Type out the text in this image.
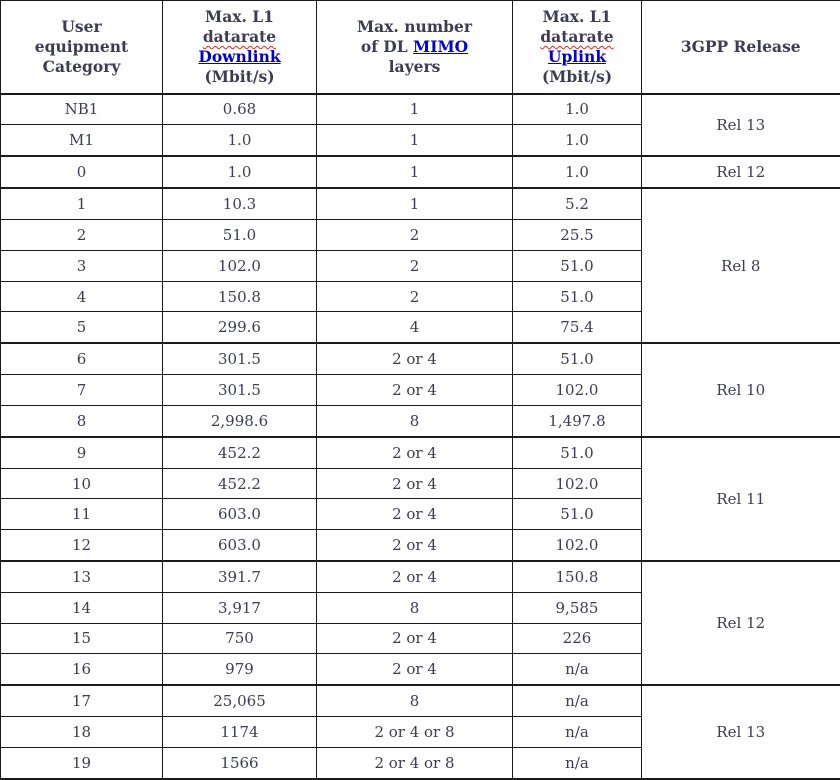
User
equipment
Category	Max. L1
datarate
Downlink
(Mbit/s)	Max. number
of DL MIMO
layers	Max. L1
datarate
Uplink
(Mbit/s)	3GPP Release
NB1	0.68	1	1.0	Rel 13
M1	1.0	1	1.0	
0	1.0	1	1.0	Rel 12
1	10.3	1	5.2	Rel 8
2	51.0	2	25.5	
3	102.0	2	51.0	
4	150.8	2	51.0	
5	299.6	4	75.4	
6	301.5	2 or 4	51.0	Rel 10
7	301.5	2 or 4	102.0	
8	2,998.6	8	1,497.8	
9	452.2	2 or 4	51.0	Rel 11
10	452.2	2 or 4	102.0	
11	603.0	2 or 4	51.0	
12	603.0	2 or 4	102.0	
13	391.7	2 or 4	150.8	Rel 12
14	3,917	8	9,585	
15	750	2 or 4	226	
16	979	2 or 4	n/a	
17	25,065	8	n/a	Rel 13
18	1174	2 or 4 or 8	n/a	
19	1566	2 or 4 or 8	n/a	
